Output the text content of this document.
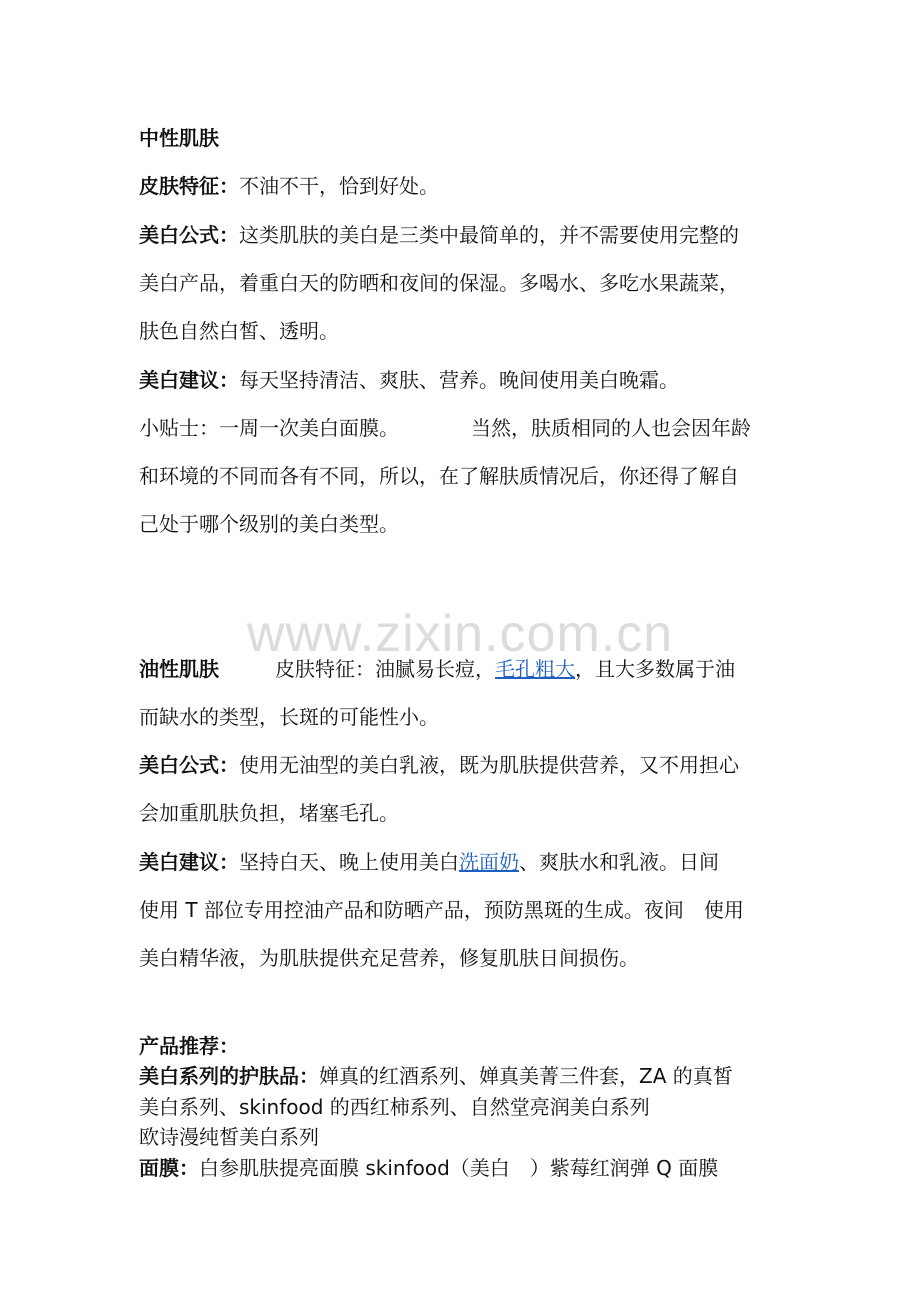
中性肌肤
皮肤特征：不油不干，恰到好处。
美白公式：这类肌肤的美白是三类中最简单的，并不需要使用完整的
美白产品，着重白天的防晒和夜间的保湿。多喝水、多吃水果蔬菜，
肤色自然白皙、透明。
美白建议：每天坚持清洁、爽肤、营养。晚间使用美白晚霜。
小贴士：一周一次美白面膜。	当然，肤质相同的人也会因年龄
和环境的不同而各有不同，所以，在了解肤质情况后，你还得了解自
己处于哪个级别的美白类型。
www.zixin.com.cn
油性肌肤	皮肤特征：油腻易长痘，毛孔粗大，且大多数属于油
而缺水的类型，长斑的可能性小。
美白公式：使用无油型的美白乳液，既为肌肤提供营养，又不用担心
会加重肌肤负担，堵塞毛孔。
美白建议：坚持白天、晚上使用美白洗面奶、爽肤水和乳液。日间
使用 T 部位专用控油产品和防晒产品，预防黑斑的生成。夜间　使用
美白精华液，为肌肤提供充足营养，修复肌肤日间损伤。
产品推荐：
美白系列的护肤品：婵真的红酒系列、婵真美菁三件套，ZA 的真皙
美白系列、skinfood 的西红柿系列、自然堂亮润美白系列
欧诗漫纯皙美白系列
面膜：白参肌肤提亮面膜 skinfood（美白　）紫莓红润弹 Q 面膜
